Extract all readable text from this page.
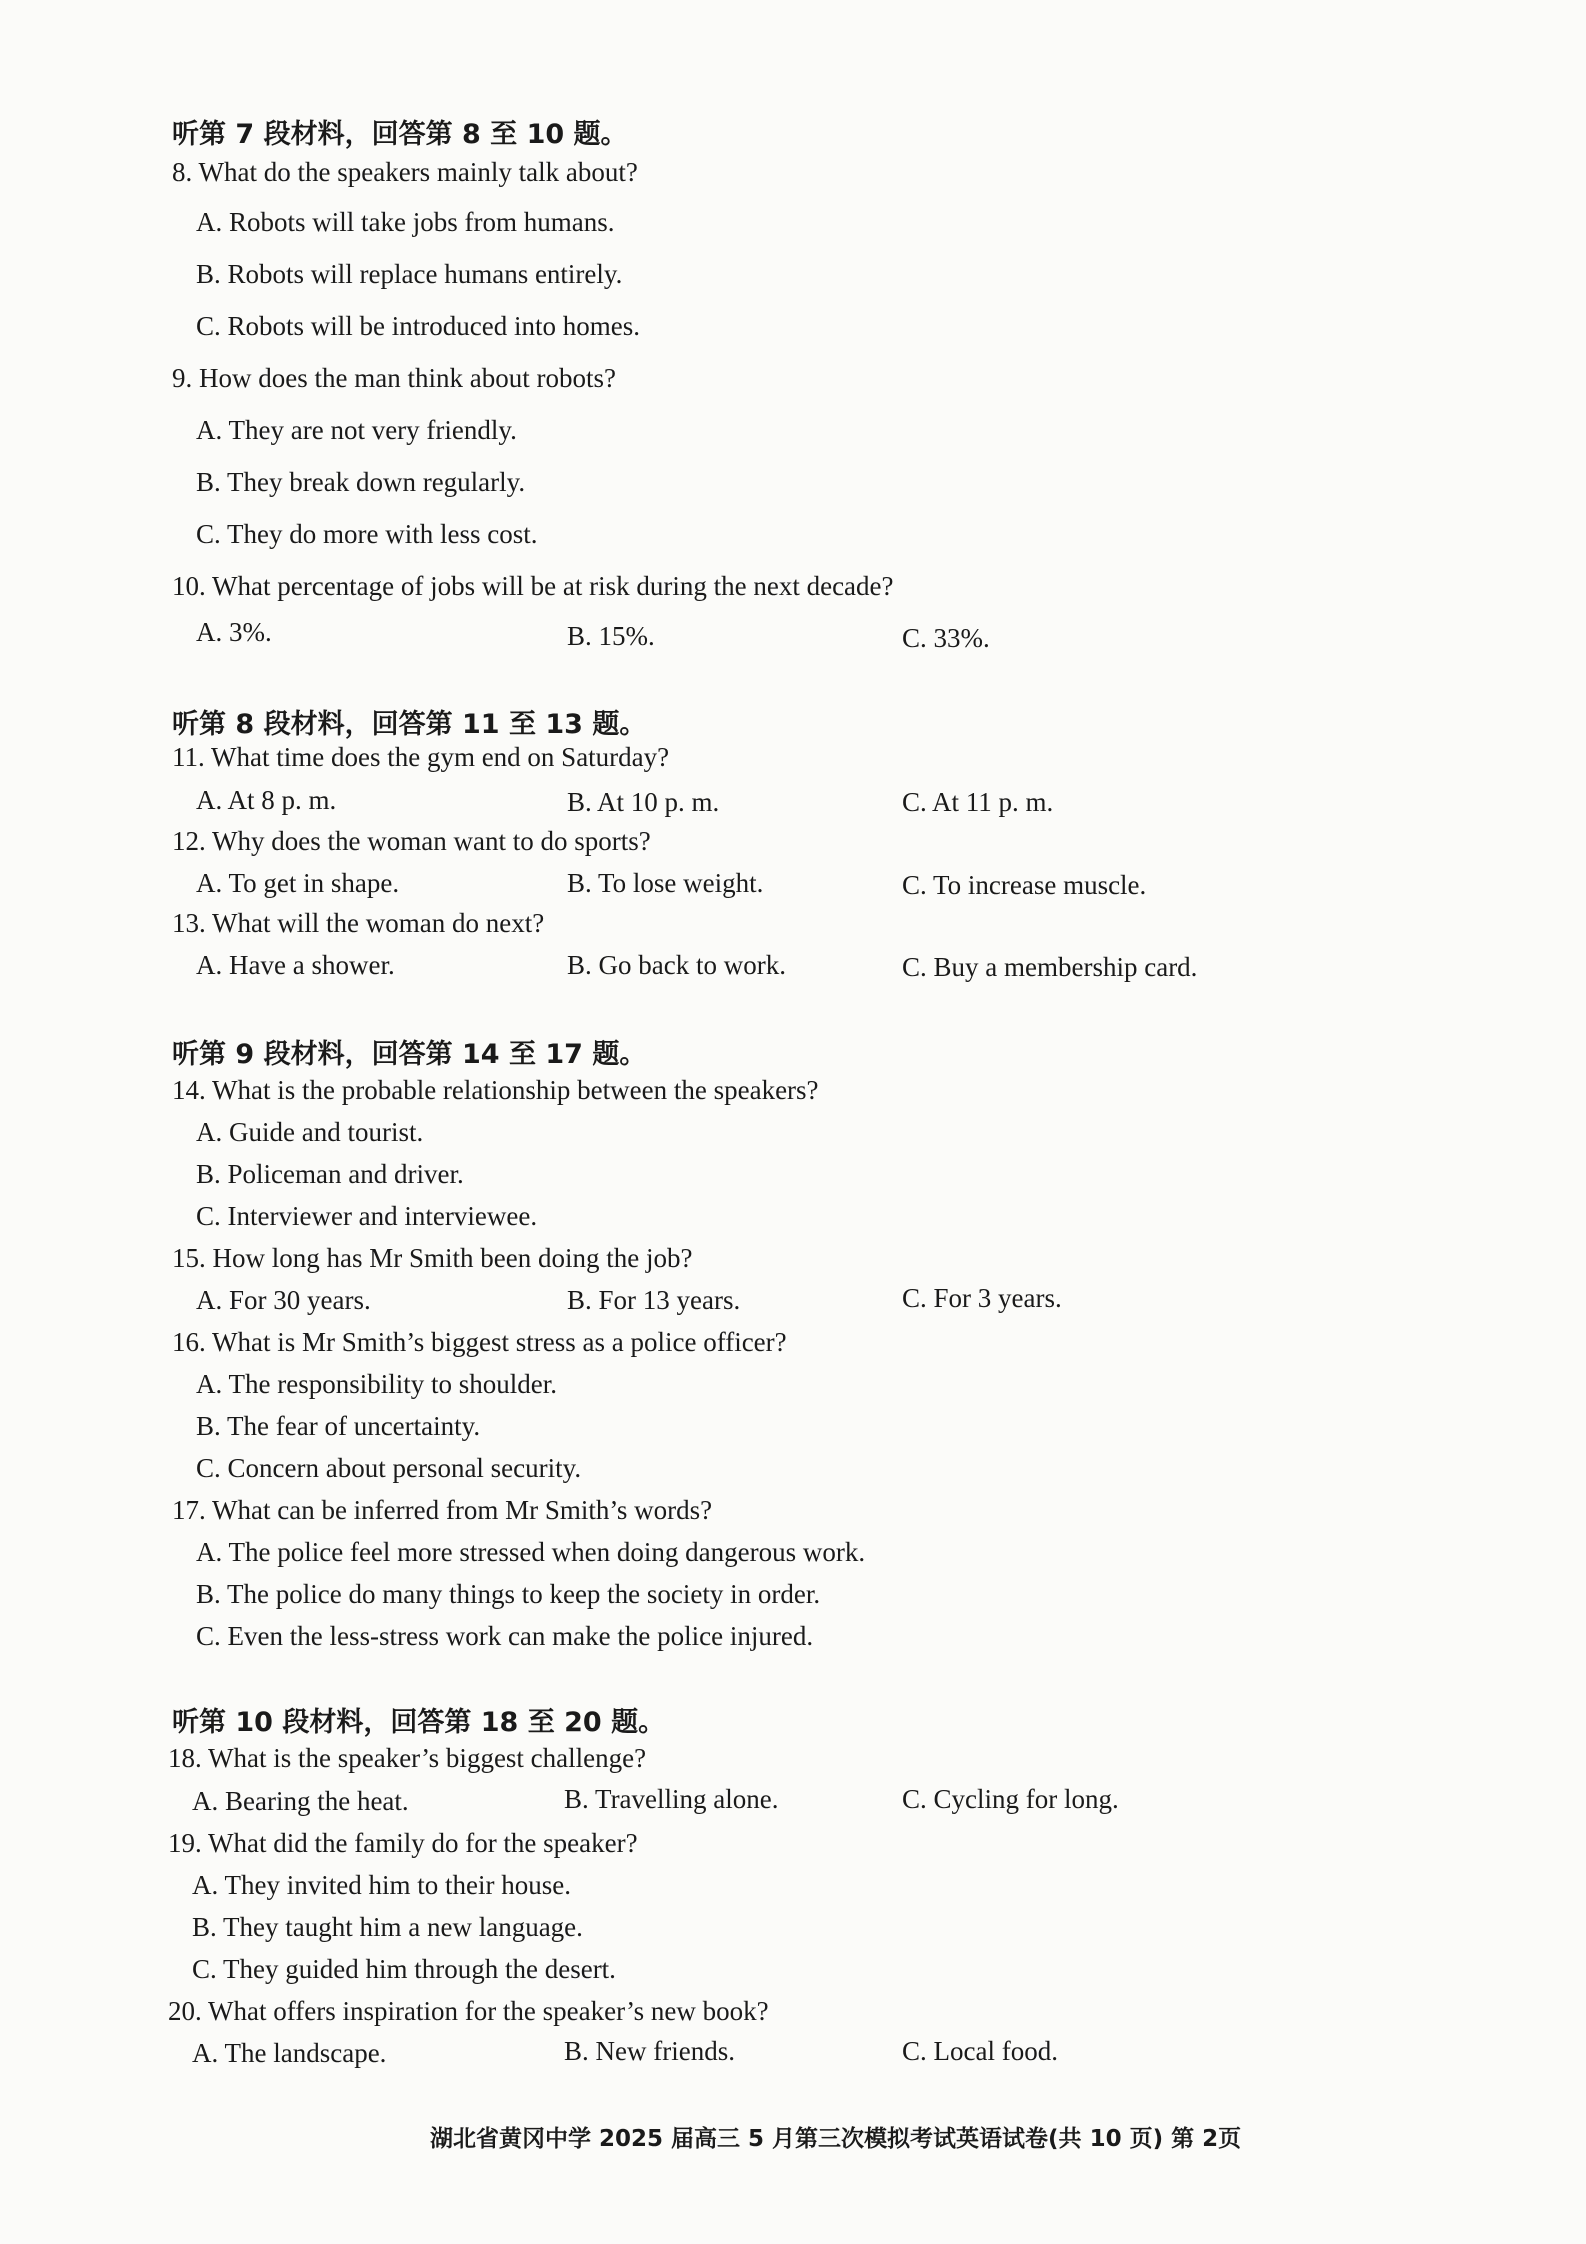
听第 7 段材料，回答第 8 至 10 题。
8. What do the speakers mainly talk about?
A. Robots will take jobs from humans.
B. Robots will replace humans entirely.
C. Robots will be introduced into homes.
9. How does the man think about robots?
A. They are not very friendly.
B. They break down regularly.
C. They do more with less cost.
10. What percentage of jobs will be at risk during the next decade?
A. 3%.	B. 15%.	C. 33%.
听第 8 段材料，回答第 11 至 13 题。
11. What time does the gym end on Saturday?
A. At 8 p. m.	B. At 10 p. m.	C. At 11 p. m.
12. Why does the woman want to do sports?
A. To get in shape.	B. To lose weight.	C. To increase muscle.
13. What will the woman do next?
A. Have a shower.	B. Go back to work.	C. Buy a membership card.
听第 9 段材料，回答第 14 至 17 题。
14. What is the probable relationship between the speakers?
A. Guide and tourist.
B. Policeman and driver.
C. Interviewer and interviewee.
15. How long has Mr Smith been doing the job?
A. For 30 years.	B. For 13 years.	C. For 3 years.
16. What is Mr Smith’s biggest stress as a police officer?
A. The responsibility to shoulder.
B. The fear of uncertainty.
C. Concern about personal security.
17. What can be inferred from Mr Smith’s words?
A. The police feel more stressed when doing dangerous work.
B. The police do many things to keep the society in order.
C. Even the less-stress work can make the police injured.
听第 10 段材料，回答第 18 至 20 题。
18. What is the speaker’s biggest challenge?
A. Bearing the heat.	B. Travelling alone.	C. Cycling for long.
19. What did the family do for the speaker?
A. They invited him to their house.
B. They taught him a new language.
C. They guided him through the desert.
20. What offers inspiration for the speaker’s new book?
A. The landscape.	B. New friends.	C. Local food.
湖北省黄冈中学 2025 届高三 5 月第三次模拟考试英语试卷(共 10 页) 第 2页
